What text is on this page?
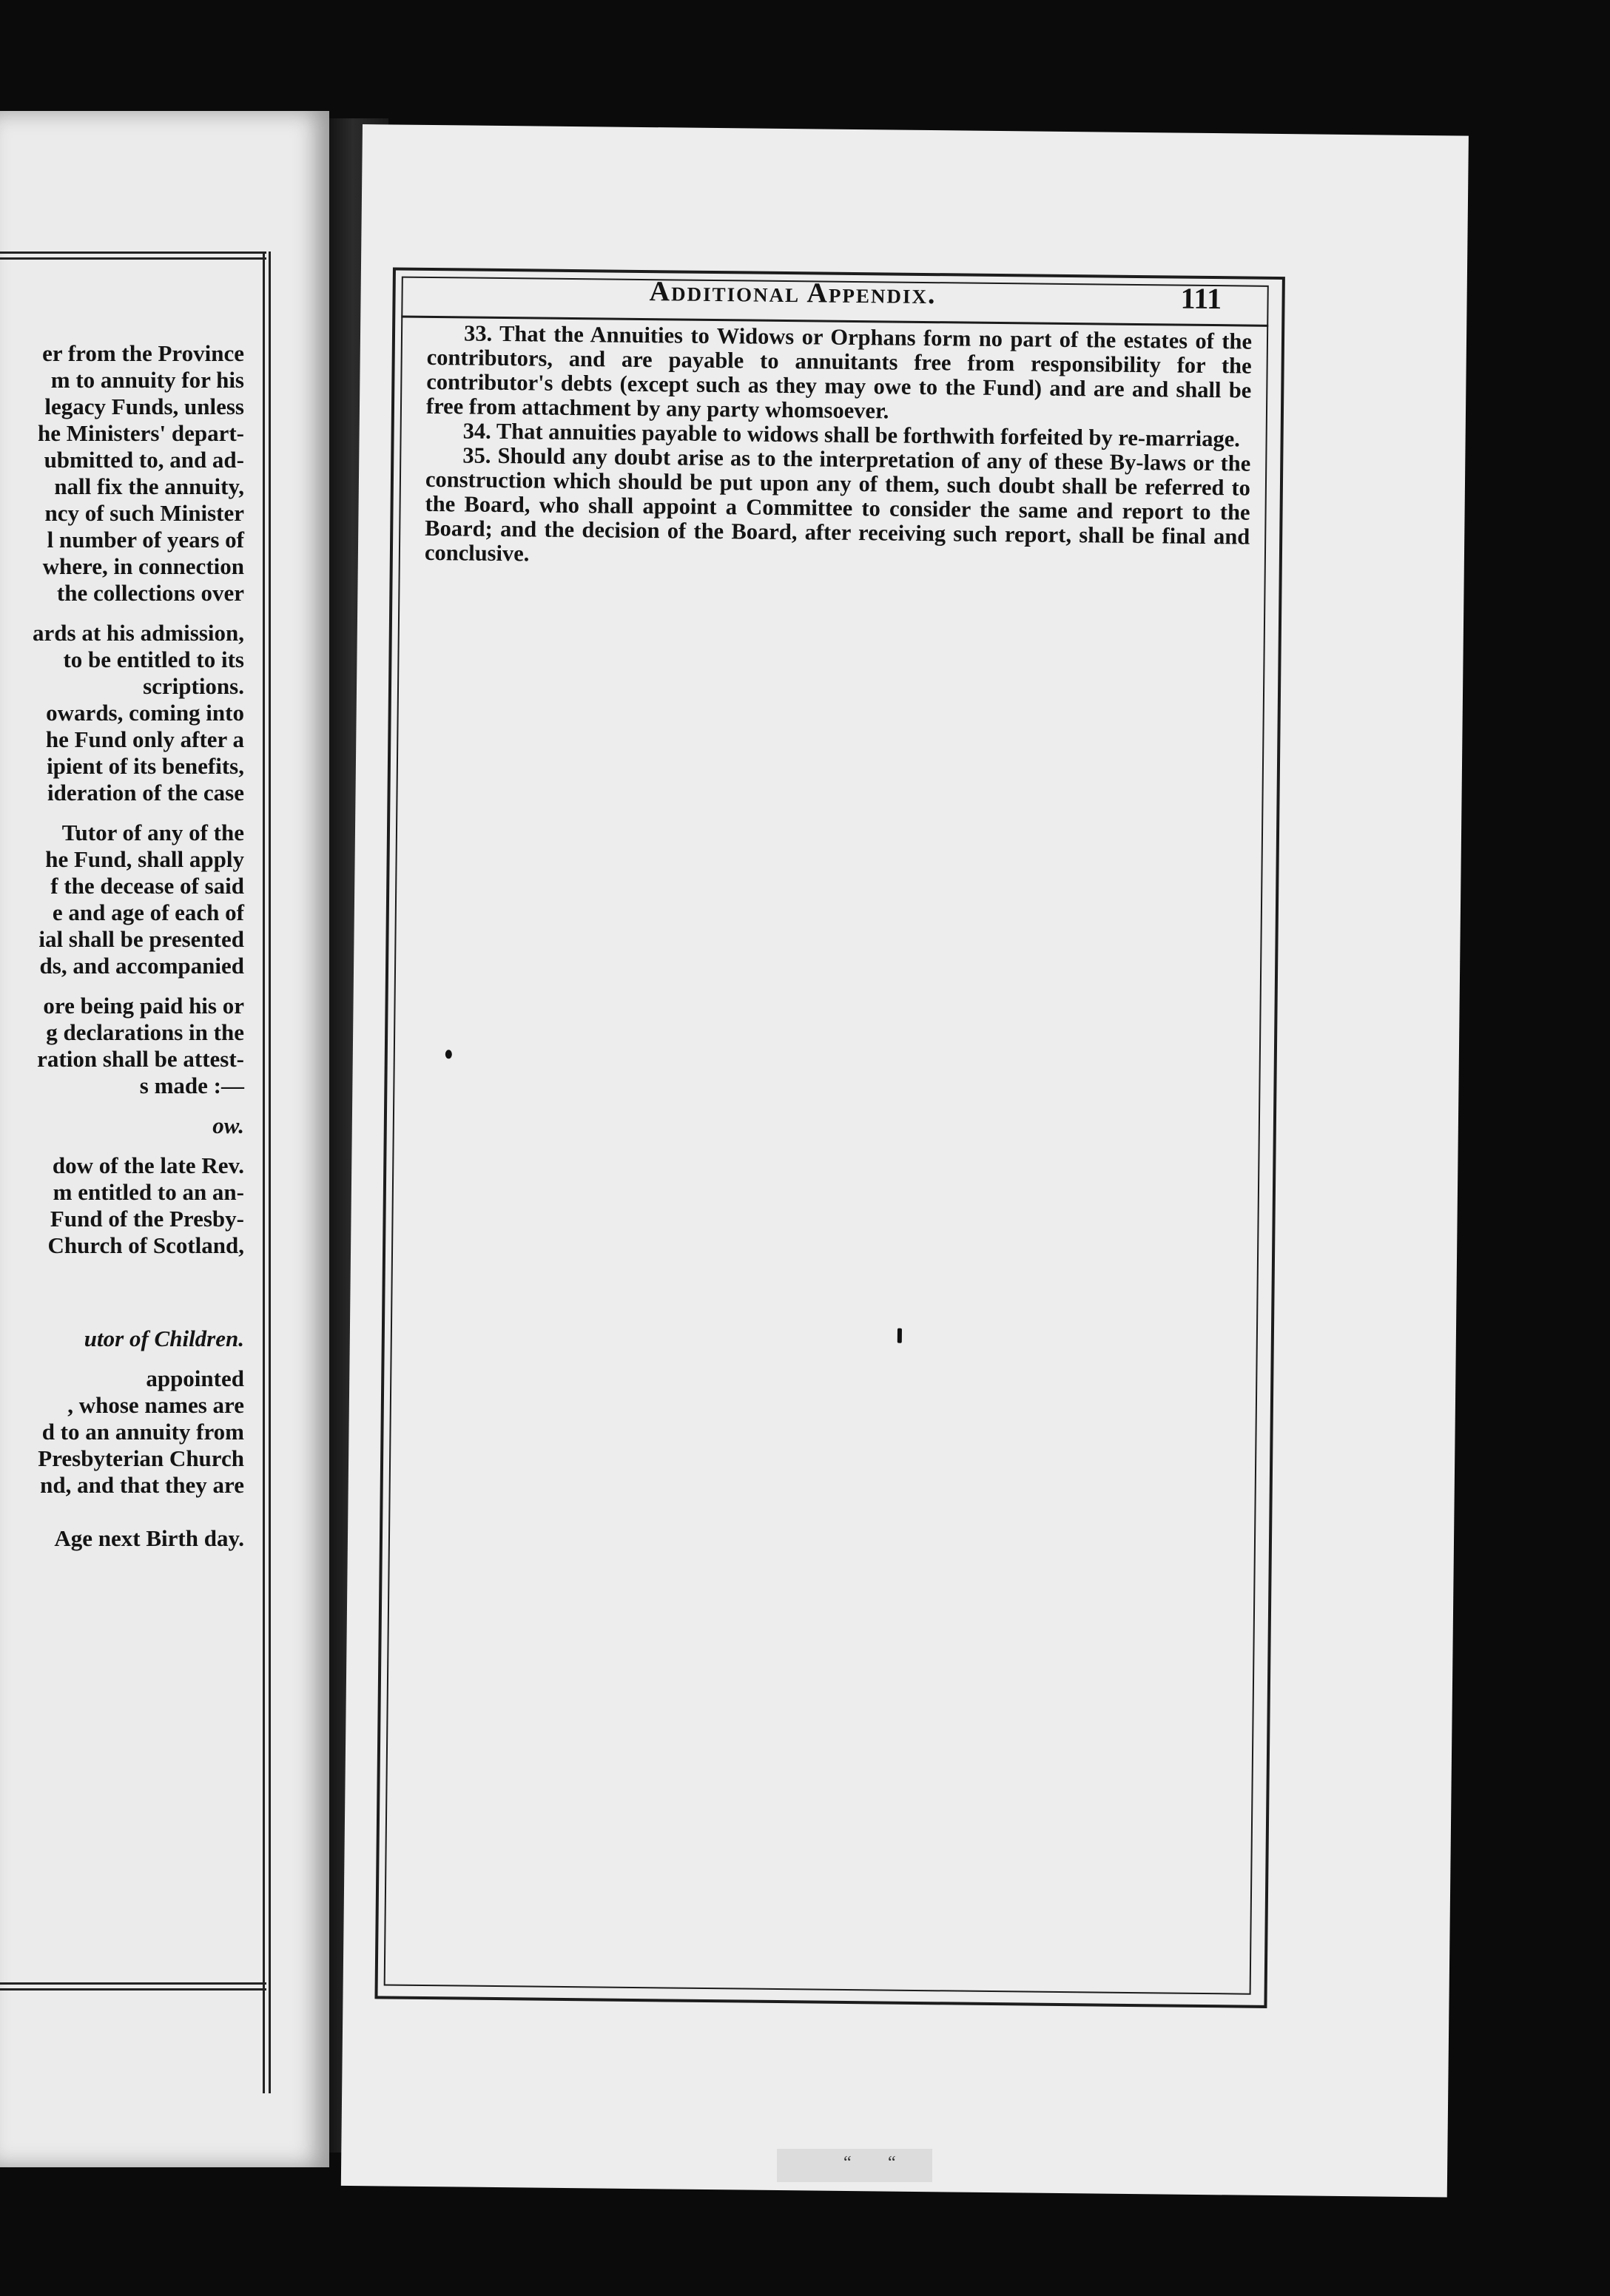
er from the Province
m to annuity for his
legacy Funds, unless
he Ministers' depart-
ubmitted to, and ad-
nall fix the annuity,
ncy of such Minister
l number of years of
where, in connection
the collections over
ards at his admission,
to be entitled to its
scriptions.
owards, coming into
he Fund only after a
ipient of its benefits,
ideration of the case
Tutor of any of the
he Fund, shall apply
f the decease of said
e and age of each of
ial shall be presented
ds, and accompanied
ore being paid his or
g declarations in the
ration shall be attest-
s made :—
ow.
dow of the late Rev.
m entitled to an an-
Fund of the Presby-
Church of Scotland,
utor of Children.
appointed
, whose names are
d to an annuity from
Presbyterian Church
nd, and that they are
Age next Birth day.
Additional Appendix.	111

33. That the Annuities to Widows or Orphans form no part of the estates of the contributors, and are payable to annuitants free from responsibility for the contributor's debts (except such as they may owe to the Fund) and are and shall be free from attachment by any party whomsoever.

34. That annuities payable to widows shall be forthwith forfeited by re-marriage.

35. Should any doubt arise as to the interpretation of any of these By-laws or the construction which should be put upon any of them, such doubt shall be referred to the Board, who shall appoint a Committee to consider the same and report to the Board; and the decision of the Board, after receiving such report, shall be final and conclusive.

“ “
